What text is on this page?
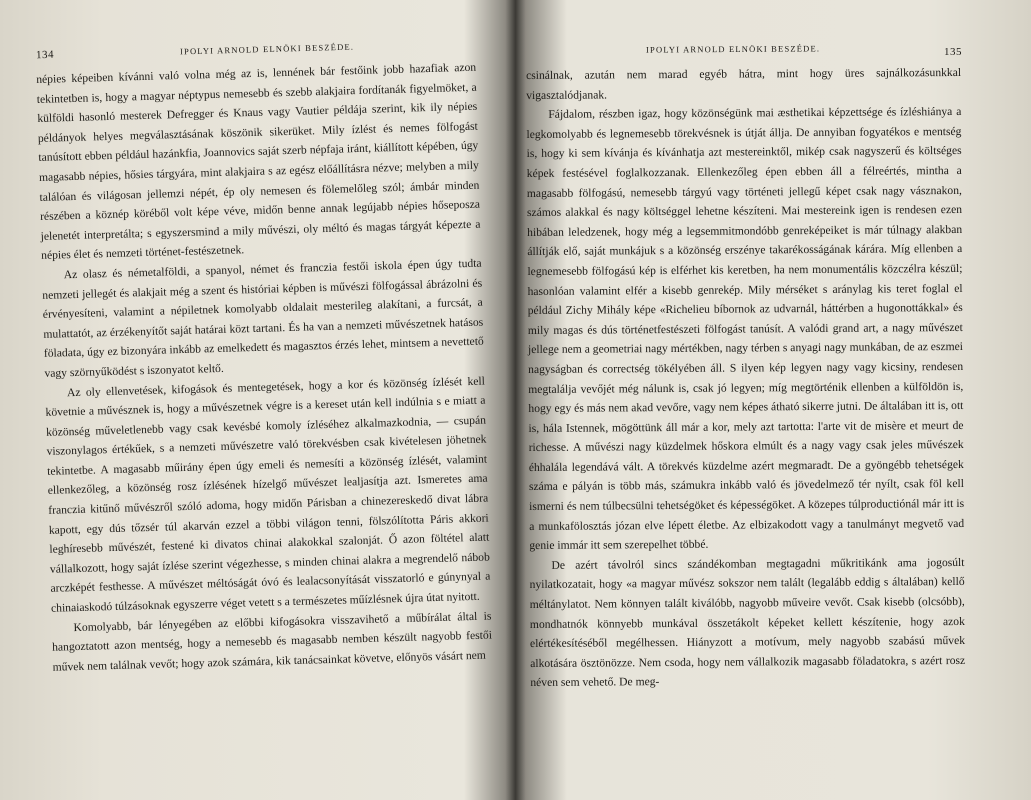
134	IPOLYI ARNOLD ELNÖKI BESZÉDE.

népies képeiben kívánni való volna még az is, lennének bár festőink jobb hazafiak azon tekintetben is, hogy a magyar néptypus nemesebb és szebb alakjaira fordítanák figyelmöket, a külföldi hasonló mesterek Defregger és Knaus vagy Vautier példája szerint, kik ily népies példányok helyes megválasztásának köszönik sikerüket. Mily ízlést és nemes fölfogást tanúsított ebben például hazánkfia, Joannovics saját szerb népfaja iránt, kiállított képében, úgy magasabb népies, hősies tárgyára, mint alakjaira s az egész előállításra nézve; melyben a mily találóan és világosan jellemzi népét, ép oly nemesen és fölemelőleg szól; ámbár minden részében a köznép köréből volt képe véve, midőn benne annak legújabb népies hőseposza jelenetét interpretálta; s egyszersmind a mily művészi, oly méltó és magas tárgyát képezte a népies élet és nemzeti történet-festészetnek.

Az olasz és németalföldi, a spanyol, német és franczia festői iskola épen úgy tudta nemzeti jellegét és alakjait még a szent és históriai képben is művészi fölfogással ábrázolni és érvényesíteni, valamint a népiletnek komolyabb oldalait mesterileg alakítani, a furcsát, a mulattatót, az érzékenyítőt saját határai közt tartani. És ha van a nemzeti művészetnek hatásos föladata, úgy ez bizonyára inkább az emelkedett és magasztos érzés lehet, mintsem a nevettető vagy szörnyűködést s iszonyatot keltő.

Az oly ellenvetések, kifogások és mentegetések, hogy a kor és közönség ízlését kell követnie a művésznek is, hogy a művészetnek végre is a kereset után kell indúlnia s e miatt a közönség műveletlenebb vagy csak kevésbé komoly ízléséhez alkalmazkodnia, — csupán viszonylagos értékűek, s a nemzeti művészetre való törekvésben csak kivételesen jöhetnek tekintetbe. A magasabb műirány épen úgy emeli és nemesíti a közönség ízlését, valamint ellenkezőleg, a közönség rosz ízlésének hízelgő művészet lealjasítja azt. Ismeretes ama franczia kitűnő művészről szóló adoma, hogy midőn Párisban a chinezereskedő divat lábra kapott, egy dús tőzsér túl akarván ezzel a többi világon tenni, fölszólította Páris akkori leghíresebb művészét, festené ki divatos chinai alakokkal szalonját. Ő azon föltétel alatt vállalkozott, hogy saját ízlése szerint végezhesse, s minden chinai alakra a megrendelő nábob arczképét festhesse. A művészet méltóságát óvó és lealacsonyítását visszatorló e gúnynyal a chinaiaskodó túlzásoknak egyszerre véget vetett s a természetes műízlésnek újra útat nyitott.

Komolyabb, bár lényegében az előbbi kifogásokra visszavihető a műbírálat által is hangoztatott azon mentség, hogy a nemesebb és magasabb nemben készült nagyobb festői művek nem találnak vevőt; hogy azok számára, kik tanácsainkat követve, előnyös vásárt nem

IPOLYI ARNOLD ELNÖKI BESZÉDE.	135

csinálnak, azután nem marad egyéb hátra, mint hogy üres sajnálkozásunkkal vigasztalódjanak.

Fájdalom, részben igaz, hogy közönségünk mai æsthetikai képzettsége és ízléshiánya a legkomolyabb és legnemesebb törekvésnek is útját állja. De annyiban fogyatékos e mentség is, hogy ki sem kívánja és kívánhatja azt mestereinktől, mikép csak nagyszerű és költséges képek festésével foglalkozzanak. Ellenkezőleg épen ebben áll a félreértés, mintha a magasabb fölfogású, nemesebb tárgyú vagy történeti jellegű képet csak nagy vásznakon, számos alakkal és nagy költséggel lehetne készíteni. Mai mestereink igen is rendesen ezen hibában leledzenek, hogy még a legsemmitmondóbb genreképeiket is már túlnagy alakban állítják elő, saját munkájuk s a közönség erszénye takarékosságának kárára. Míg ellenben a legnemesebb fölfogású kép is elférhet kis keretben, ha nem monumentális közczélra készül; hasonlóan valamint elfér a kisebb genrekép. Mily mérséket s aránylag kis teret foglal el például Zichy Mihály képe «Richelieu bíbornok az udvarnál, háttérben a hugonottákkal» és mily magas és dús történetfestészeti fölfogást tanúsít. A valódi grand art, a nagy művészet jellege nem a geometriai nagy mértékben, nagy térben s anyagi nagy munkában, de az eszmei nagyságban és correctség tökélyében áll. S ilyen kép legyen nagy vagy kicsiny, rendesen megtalálja vevőjét még nálunk is, csak jó legyen; míg megtörténik ellenben a külföldön is, hogy egy és más nem akad vevőre, vagy nem képes átható sikerre jutni. De általában itt is, ott is, hála Istennek, mögöttünk áll már a kor, mely azt tartotta: l'arte vit de misère et meurt de richesse. A művészi nagy küzdelmek hőskora elmúlt és a nagy vagy csak jeles művészek éhhalála legendává vált. A törekvés küzdelme azért megmaradt. De a gyöngébb tehetségek száma e pályán is több más, számukra inkább való és jövedelmező tér nyílt, csak föl kell ismerni és nem túlbecsülni tehetségöket és képességöket. A közepes túlproductiónál már itt is a munkafölosztás józan elve lépett életbe. Az elbizakodott vagy a tanulmányt megvető vad genie immár itt sem szerepelhet többé.

De azért távolról sincs szándékomban megtagadni műkritikánk ama jogosúlt nyilatkozatait, hogy «a magyar művész sokszor nem talált (legalább eddig s általában) kellő méltánylatot. Nem könnyen talált kiválóbb, nagyobb műveire vevőt. Csak kisebb (olcsóbb), mondhatnók könnyebb munkával összetákolt képeket kellett készítenie, hogy azok elértékesítéséből megélhessen. Hiányzott a motívum, mely nagyobb szabású művek alkotására ösztönözze. Nem csoda, hogy nem vállalkozik magasabb föladatokra, s azért rosz néven sem vehető. De meg-
